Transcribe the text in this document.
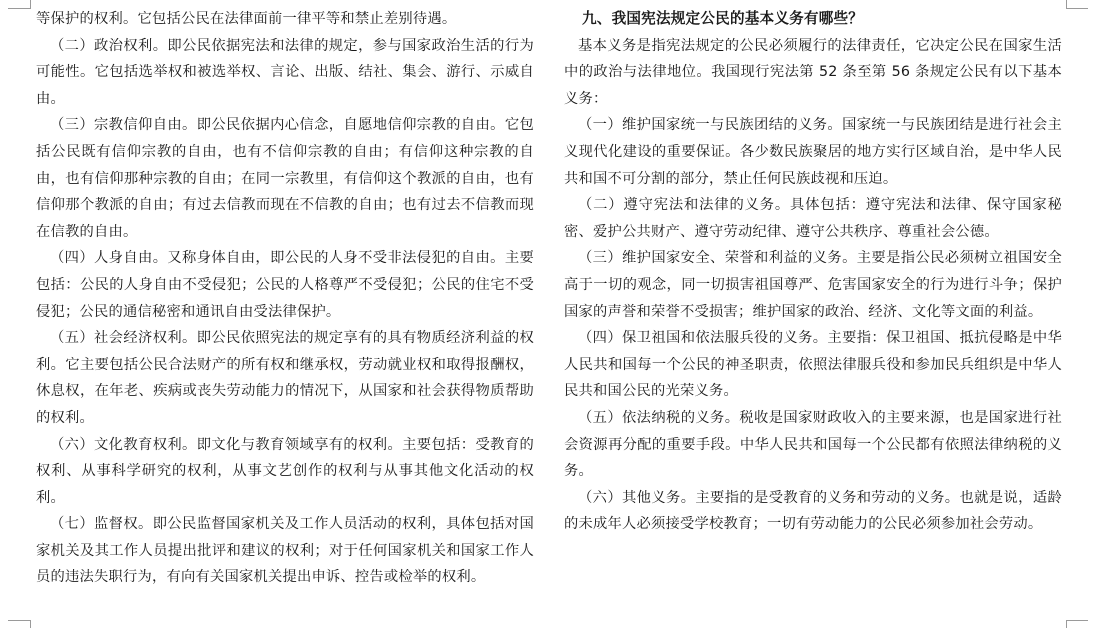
等保护的权利。它包括公民在法律面前一律平等和禁止差别待遇。

（二）政治权利。即公民依据宪法和法律的规定，参与国家政治生活的行为可能性。它包括选举权和被选举权、言论、出版、结社、集会、游行、示威自由。

（三）宗教信仰自由。即公民依据内心信念，自愿地信仰宗教的自由。它包括公民既有信仰宗教的自由，也有不信仰宗教的自由；有信仰这种宗教的自由，也有信仰那种宗教的自由；在同一宗教里，有信仰这个教派的自由，也有信仰那个教派的自由；有过去信教而现在不信教的自由；也有过去不信教而现在信教的自由。

（四）人身自由。又称身体自由，即公民的人身不受非法侵犯的自由。主要包括：公民的人身自由不受侵犯；公民的人格尊严不受侵犯；公民的住宅不受侵犯；公民的通信秘密和通讯自由受法律保护。

（五）社会经济权利。即公民依照宪法的规定享有的具有物质经济利益的权利。它主要包括公民合法财产的所有权和继承权，劳动就业权和取得报酬权，休息权，在年老、疾病或丧失劳动能力的情况下，从国家和社会获得物质帮助的权利。

（六）文化教育权利。即文化与教育领域享有的权利。主要包括：受教育的权利、从事科学研究的权利，从事文艺创作的权利与从事其他文化活动的权利。

（七）监督权。即公民监督国家机关及工作人员活动的权利，具体包括对国家机关及其工作人员提出批评和建议的权利；对于任何国家机关和国家工作人员的违法失职行为，有向有关国家机关提出申诉、控告或检举的权利。

九、我国宪法规定公民的基本义务有哪些？

基本义务是指宪法规定的公民必须履行的法律责任，它决定公民在国家生活中的政治与法律地位。我国现行宪法第 52 条至第 56 条规定公民有以下基本义务：

（一）维护国家统一与民族团结的义务。国家统一与民族团结是进行社会主义现代化建设的重要保证。各少数民族聚居的地方实行区域自治，是中华人民共和国不可分割的部分，禁止任何民族歧视和压迫。

（二）遵守宪法和法律的义务。具体包括：遵守宪法和法律、保守国家秘密、爱护公共财产、遵守劳动纪律、遵守公共秩序、尊重社会公德。

（三）维护国家安全、荣誉和利益的义务。主要是指公民必须树立祖国安全高于一切的观念，同一切损害祖国尊严、危害国家安全的行为进行斗争；保护国家的声誉和荣誉不受损害；维护国家的政治、经济、文化等文面的利益。

（四）保卫祖国和依法服兵役的义务。主要指：保卫祖国、抵抗侵略是中华人民共和国每一个公民的神圣职责，依照法律服兵役和参加民兵组织是中华人民共和国公民的光荣义务。

（五）依法纳税的义务。税收是国家财政收入的主要来源，也是国家进行社会资源再分配的重要手段。中华人民共和国每一个公民都有依照法律纳税的义务。

（六）其他义务。主要指的是受教育的义务和劳动的义务。也就是说，适龄的未成年人必须接受学校教育；一切有劳动能力的公民必须参加社会劳动。
